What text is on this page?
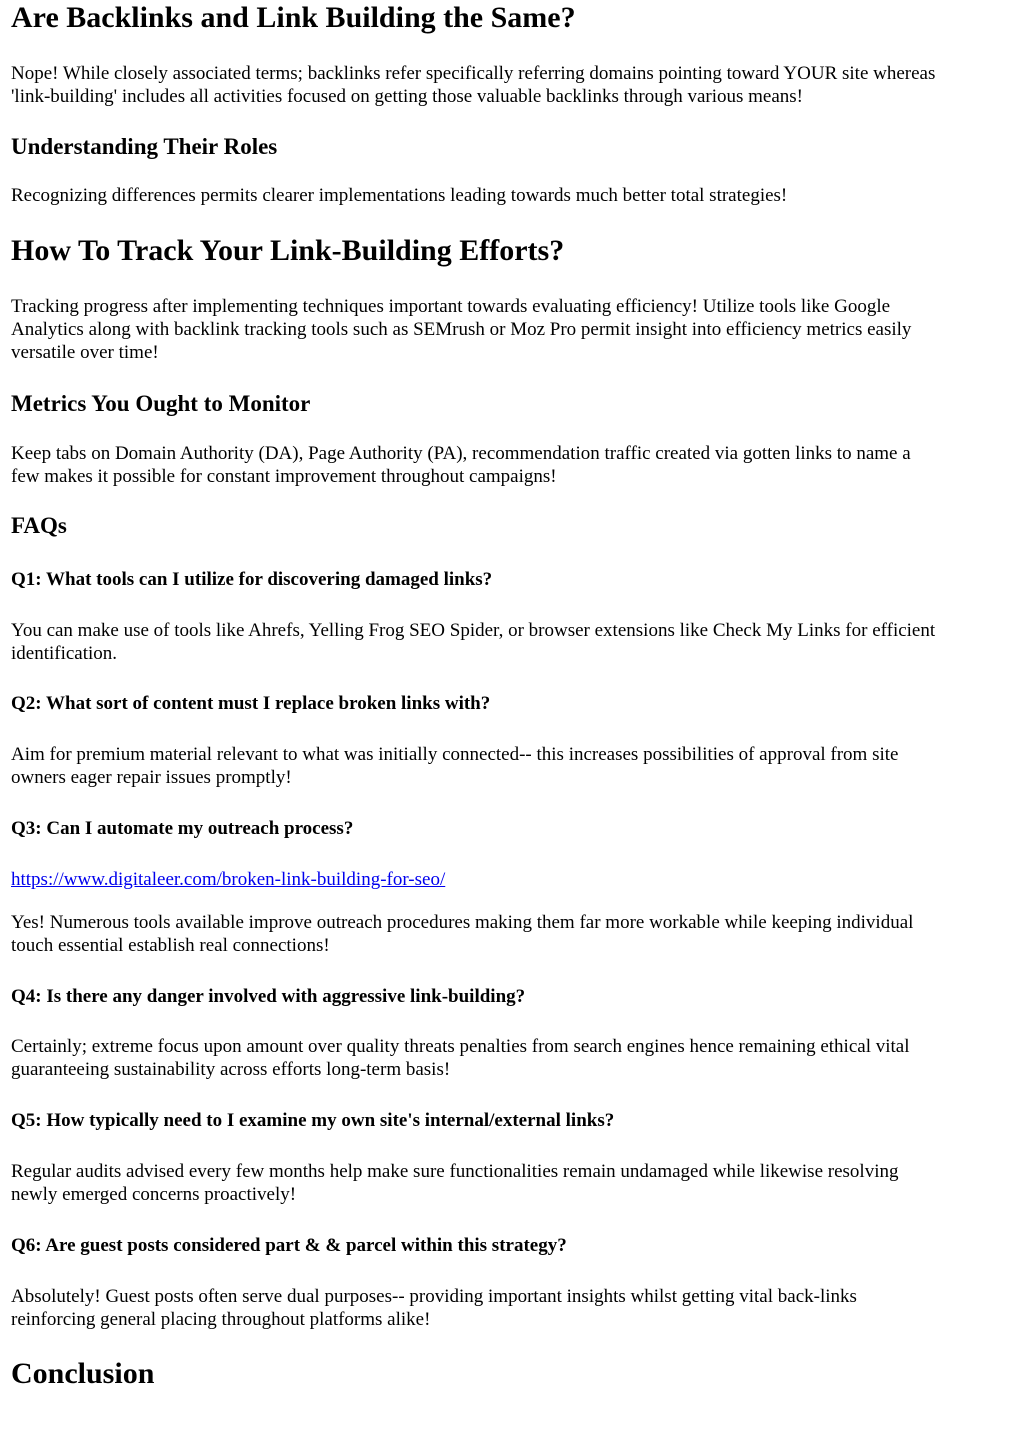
Are Backlinks and Link Building the Same?

Nope! While closely associated terms; backlinks refer specifically referring domains pointing toward YOUR site whereas
'link-building' includes all activities focused on getting those valuable backlinks through various means!

Understanding Their Roles

Recognizing differences permits clearer implementations leading towards much better total strategies!

How To Track Your Link-Building Efforts?

Tracking progress after implementing techniques important towards evaluating efficiency! Utilize tools like Google
Analytics along with backlink tracking tools such as SEMrush or Moz Pro permit insight into efficiency metrics easily
versatile over time!

Metrics You Ought to Monitor

Keep tabs on Domain Authority (DA), Page Authority (PA), recommendation traffic created via gotten links to name a
few makes it possible for constant improvement throughout campaigns!

FAQs
Q1: What tools can I utilize for discovering damaged links?

You can make use of tools like Ahrefs, Yelling Frog SEO Spider, or browser extensions like Check My Links for efficient
identification.

Q2: What sort of content must I replace broken links with?

Aim for premium material relevant to what was initially connected-- this increases possibilities of approval from site
owners eager repair issues promptly!

Q3: Can I automate my outreach process?
https://www.digitaleer.com/broken-link-building-for-seo/

Yes! Numerous tools available improve outreach procedures making them far more workable while keeping individual
touch essential establish real connections!

Q4: Is there any danger involved with aggressive link-building?

Certainly; extreme focus upon amount over quality threats penalties from search engines hence remaining ethical vital
guaranteeing sustainability across efforts long-term basis!

Q5: How typically need to I examine my own site's internal/external links?

Regular audits advised every few months help make sure functionalities remain undamaged while likewise resolving
newly emerged concerns proactively!

Q6: Are guest posts considered part & & parcel within this strategy?

Absolutely! Guest posts often serve dual purposes-- providing important insights whilst getting vital back-links
reinforcing general placing throughout platforms alike!

Conclusion
